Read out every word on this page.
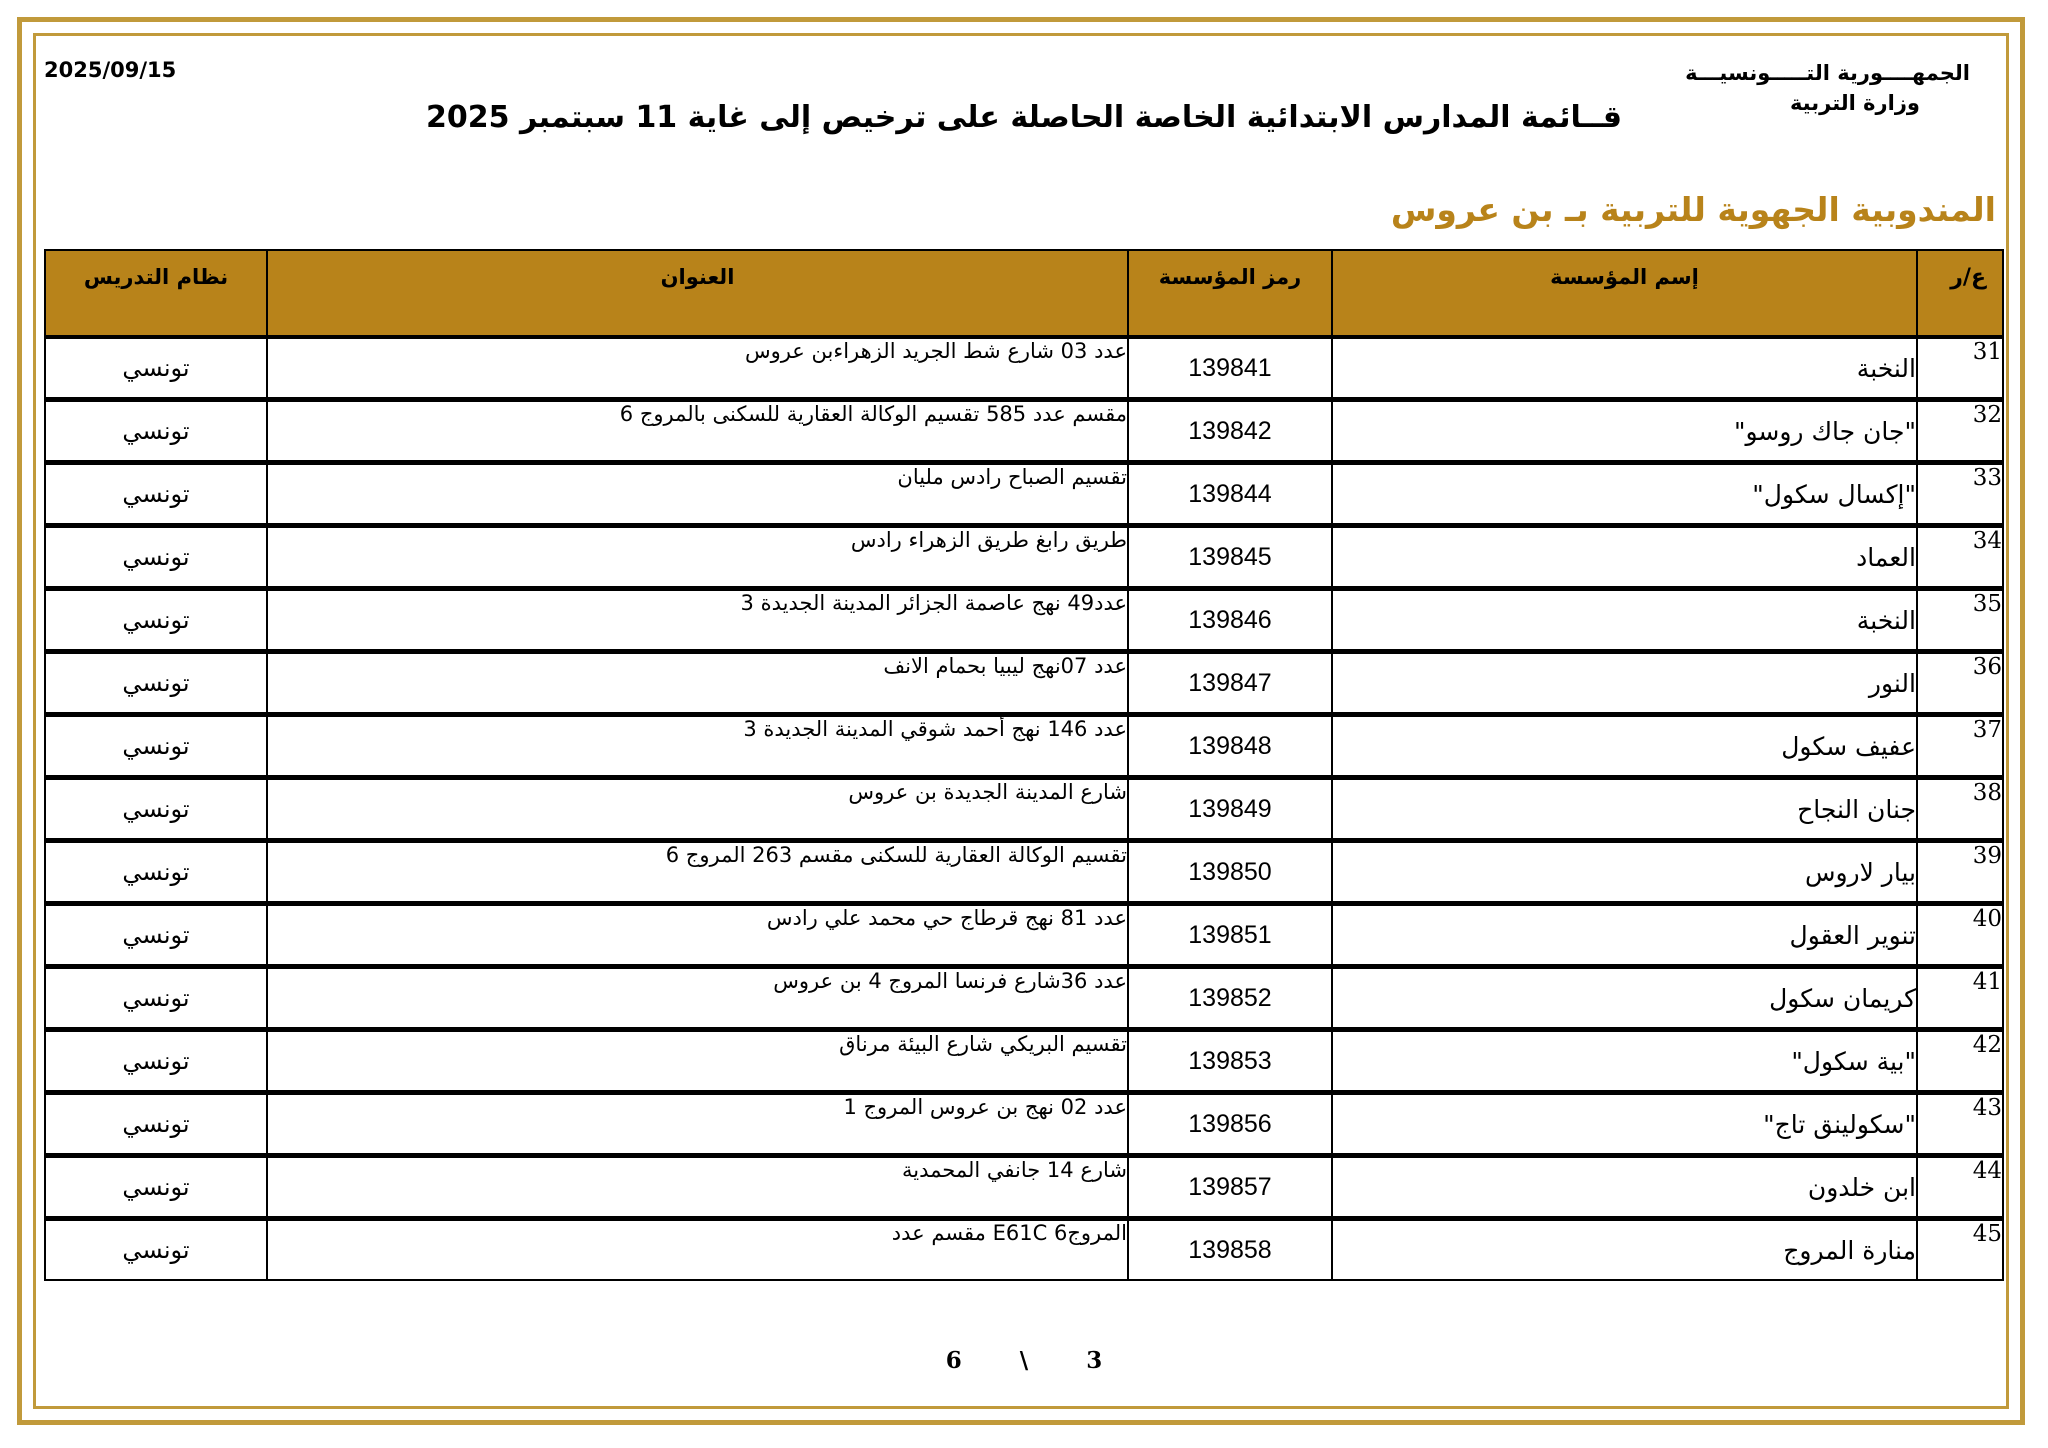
2025/09/15	الجمهــــورية التـــــونسيـــة
وزارة التربية
قــائمة المدارس الابتدائية الخاصة الحاصلة على ترخيص إلى غاية 11 سبتمبر 2025
المندوبية الجهوية للتربية بـ بن عروس
ع/ر	إسم المؤسسة	رمز المؤسسة	العنوان	نظام التدريس
31	النخبة	139841	عدد 03 شارع شط الجريد الزهراءبن عروس	تونسي
32	"جان جاك روسو"	139842	مقسم عدد 585 تقسيم الوكالة العقارية للسكنى بالمروج 6	تونسي
33	"إكسال سكول"	139844	تقسيم الصباح رادس مليان	تونسي
34	العماد	139845	طريق رابغ طريق الزهراء رادس	تونسي
35	النخبة	139846	عدد49 نهج عاصمة الجزائر المدينة الجديدة 3	تونسي
36	النور	139847	عدد 07نهج ليبيا بحمام الانف	تونسي
37	عفيف سكول	139848	عدد 146 نهج أحمد شوقي المدينة الجديدة 3	تونسي
38	جنان النجاح	139849	شارع المدينة الجديدة بن عروس	تونسي
39	بيار لاروس	139850	تقسيم الوكالة العقارية للسكنى مقسم 263 المروج 6	تونسي
40	تنوير العقول	139851	عدد 81 نهج قرطاج حي محمد علي رادس	تونسي
41	كريمان سكول	139852	عدد 36شارع فرنسا المروج 4 بن عروس	تونسي
42	"بية سكول"	139853	تقسيم البريكي شارع البيئة مرناق	تونسي
43	"سكولينق تاج"	139856	عدد 02 نهج بن عروس المروج 1	تونسي
44	ابن خلدون	139857	شارع 14 جانفي المحمدية	تونسي
45	منارة المروج	139858	المروج6 E61C مقسم عدد	تونسي
6	\	3
